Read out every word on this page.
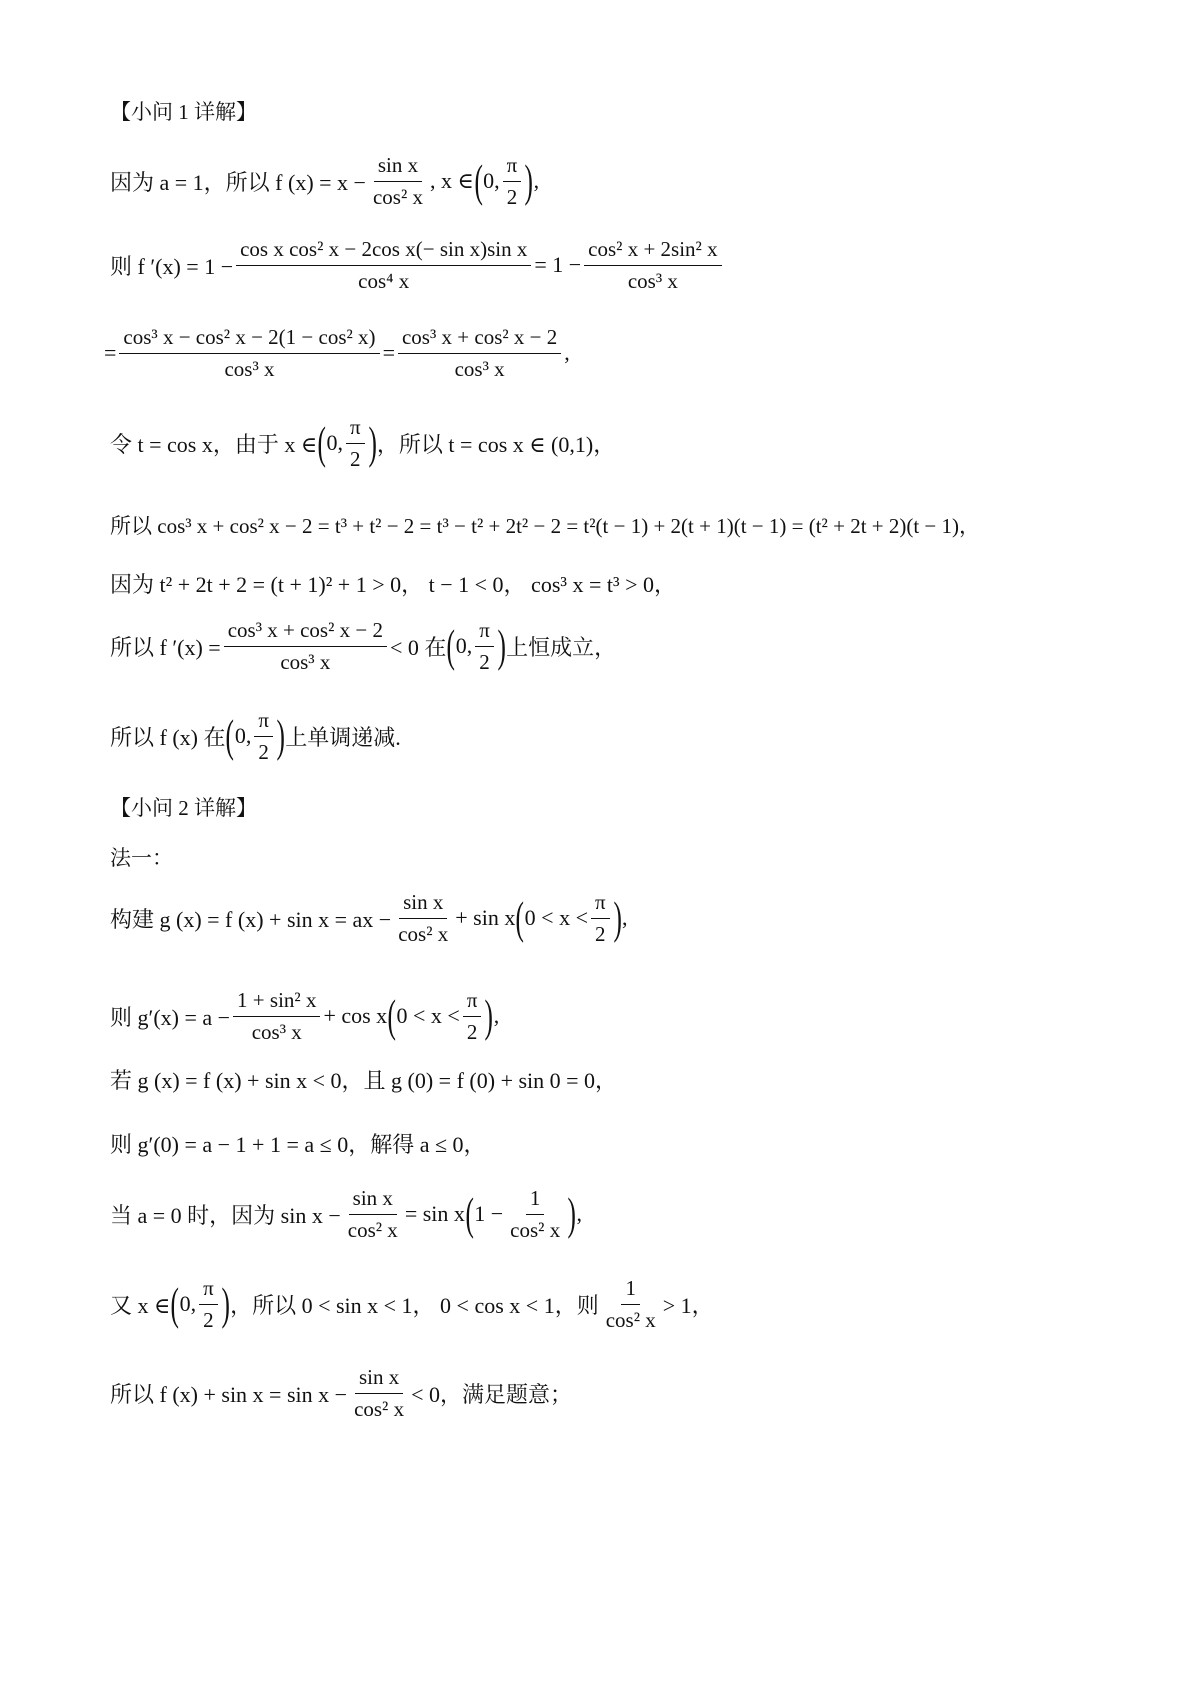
【小问 1 详解】
因为 a = 1，所以 f $(x) = x - \frac{\text{sin x}}{\text{cos² x}}$ , x ∈ ( 0, $\frac{\pi}{2}$ ) ,
则 f $'(x) = 1 - \frac{\text{cos x cos² x − 2cos x(− sin x)sin x}}{\text{cos⁴ x}} = 1 - \frac{\text{cos² x + 2sin² x}}{\text{cos³ x}}$
= $\frac{\text{cos³ x − cos² x − 2(1 − cos² x)}}{\text{cos³ x}} = \frac{\text{cos³ x + cos² x − 2}}{\text{cos³ x}}$ ,
令 t = cos x，由于 x ∈ ( 0, $\frac{\pi}{2}$ ) ，所以 t = cos x ∈ (0,1)，
所以 cos³ x + cos² x − 2 = t³ + t² − 2 = t³ − t² + 2t² − 2 = t²(t − 1) + 2(t + 1)(t − 1) = (t² + 2t + 2)(t − 1)，
因为 t² + 2t + 2 = (t + 1)² + 1 > 0， t − 1 < 0， cos³ x = t³ > 0，
所以 f $'(x) = \frac{\text{cos³ x + cos² x − 2}}{\text{cos³ x}} < 0$ 在 ( 0, $\frac{\pi}{2}$ ) 上恒成立，
所以 f (x) 在 ( 0, $\frac{\pi}{2}$ ) 上单调递减.
【小问 2 详解】
法一：
构建 g (x) = f (x) + sin x = ax − $\frac{\text{sin x}}{\text{cos² x}} + \sin x$ ( $0 < x < \frac{\pi}{2}$ ) ,
则 $g'(x) = a - \frac{\text{1 + sin² x}}{\text{cos³ x}} + \cos x$ ( $0 < x < \frac{\pi}{2}$ ) ,
若 g (x) = f (x) + sin x < 0，且 g (0) = f (0) + sin 0 = 0，
则 g′(0) = a − 1 + 1 = a ≤ 0，解得 a ≤ 0，
当 a = 0 时，因为 $\sin x - \frac{\text{sin x}}{\text{cos² x}} = \sin x$ ( $1 - \frac{1}{\text{cos² x}}$ ) ,
又 x ∈ ( 0, $\frac{\pi}{2}$ ) ，所以 0 < sin x < 1， 0 < cos x < 1，则 $\frac{1}{\text{cos² x}} > 1$，
所以 f $(x) + \sin x = \sin x - \frac{\text{sin x}}{\text{cos² x}} < 0$，满足题意；
